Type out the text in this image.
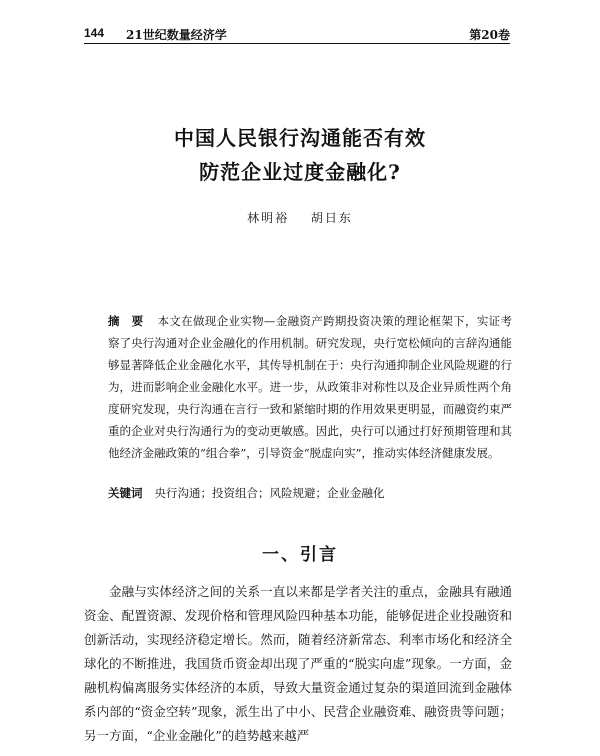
144 21世纪数量经济学	第20卷
中国人民银行沟通能否有效
防范企业过度金融化?
林明裕 胡日东
摘　要 本文在做现企业实物—金融资产跨期投资决策的理论框架下，实证考察了央行沟通对企业金融化的作用机制。研究发现，央行宽松倾向的言辞沟通能够显著降低企业金融化水平，其传导机制在于：央行沟通抑制企业风险规避的行为，进而影响企业金融化水平。进一步，从政策非对称性以及企业异质性两个角度研究发现，央行沟通在言行一致和紧缩时期的作用效果更明显，而融资约束严重的企业对央行沟通行为的变动更敏感。因此，央行可以通过打好预期管理和其他经济金融政策的“组合拳”，引导资金“脱虚向实”，推动实体经济健康发展。
关键词 央行沟通；投资组合；风险规避；企业金融化
一、引言
金融与实体经济之间的关系一直以来都是学者关注的重点，金融具有融通资金、配置资源、发现价格和管理风险四种基本功能，能够促进企业投融资和创新活动，实现经济稳定增长。然而，随着经济新常态、利率市场化和经济全球化的不断推进，我国货币资金却出现了严重的“脱实向虚”现象。一方面，金融机构偏离服务实体经济的本质，导致大量资金通过复杂的渠道回流到金融体系内部的“资金空转”现象，派生出了中小、民营企业融资难、融资贵等问题；另一方面，“企业金融化”的趋势越来越严
